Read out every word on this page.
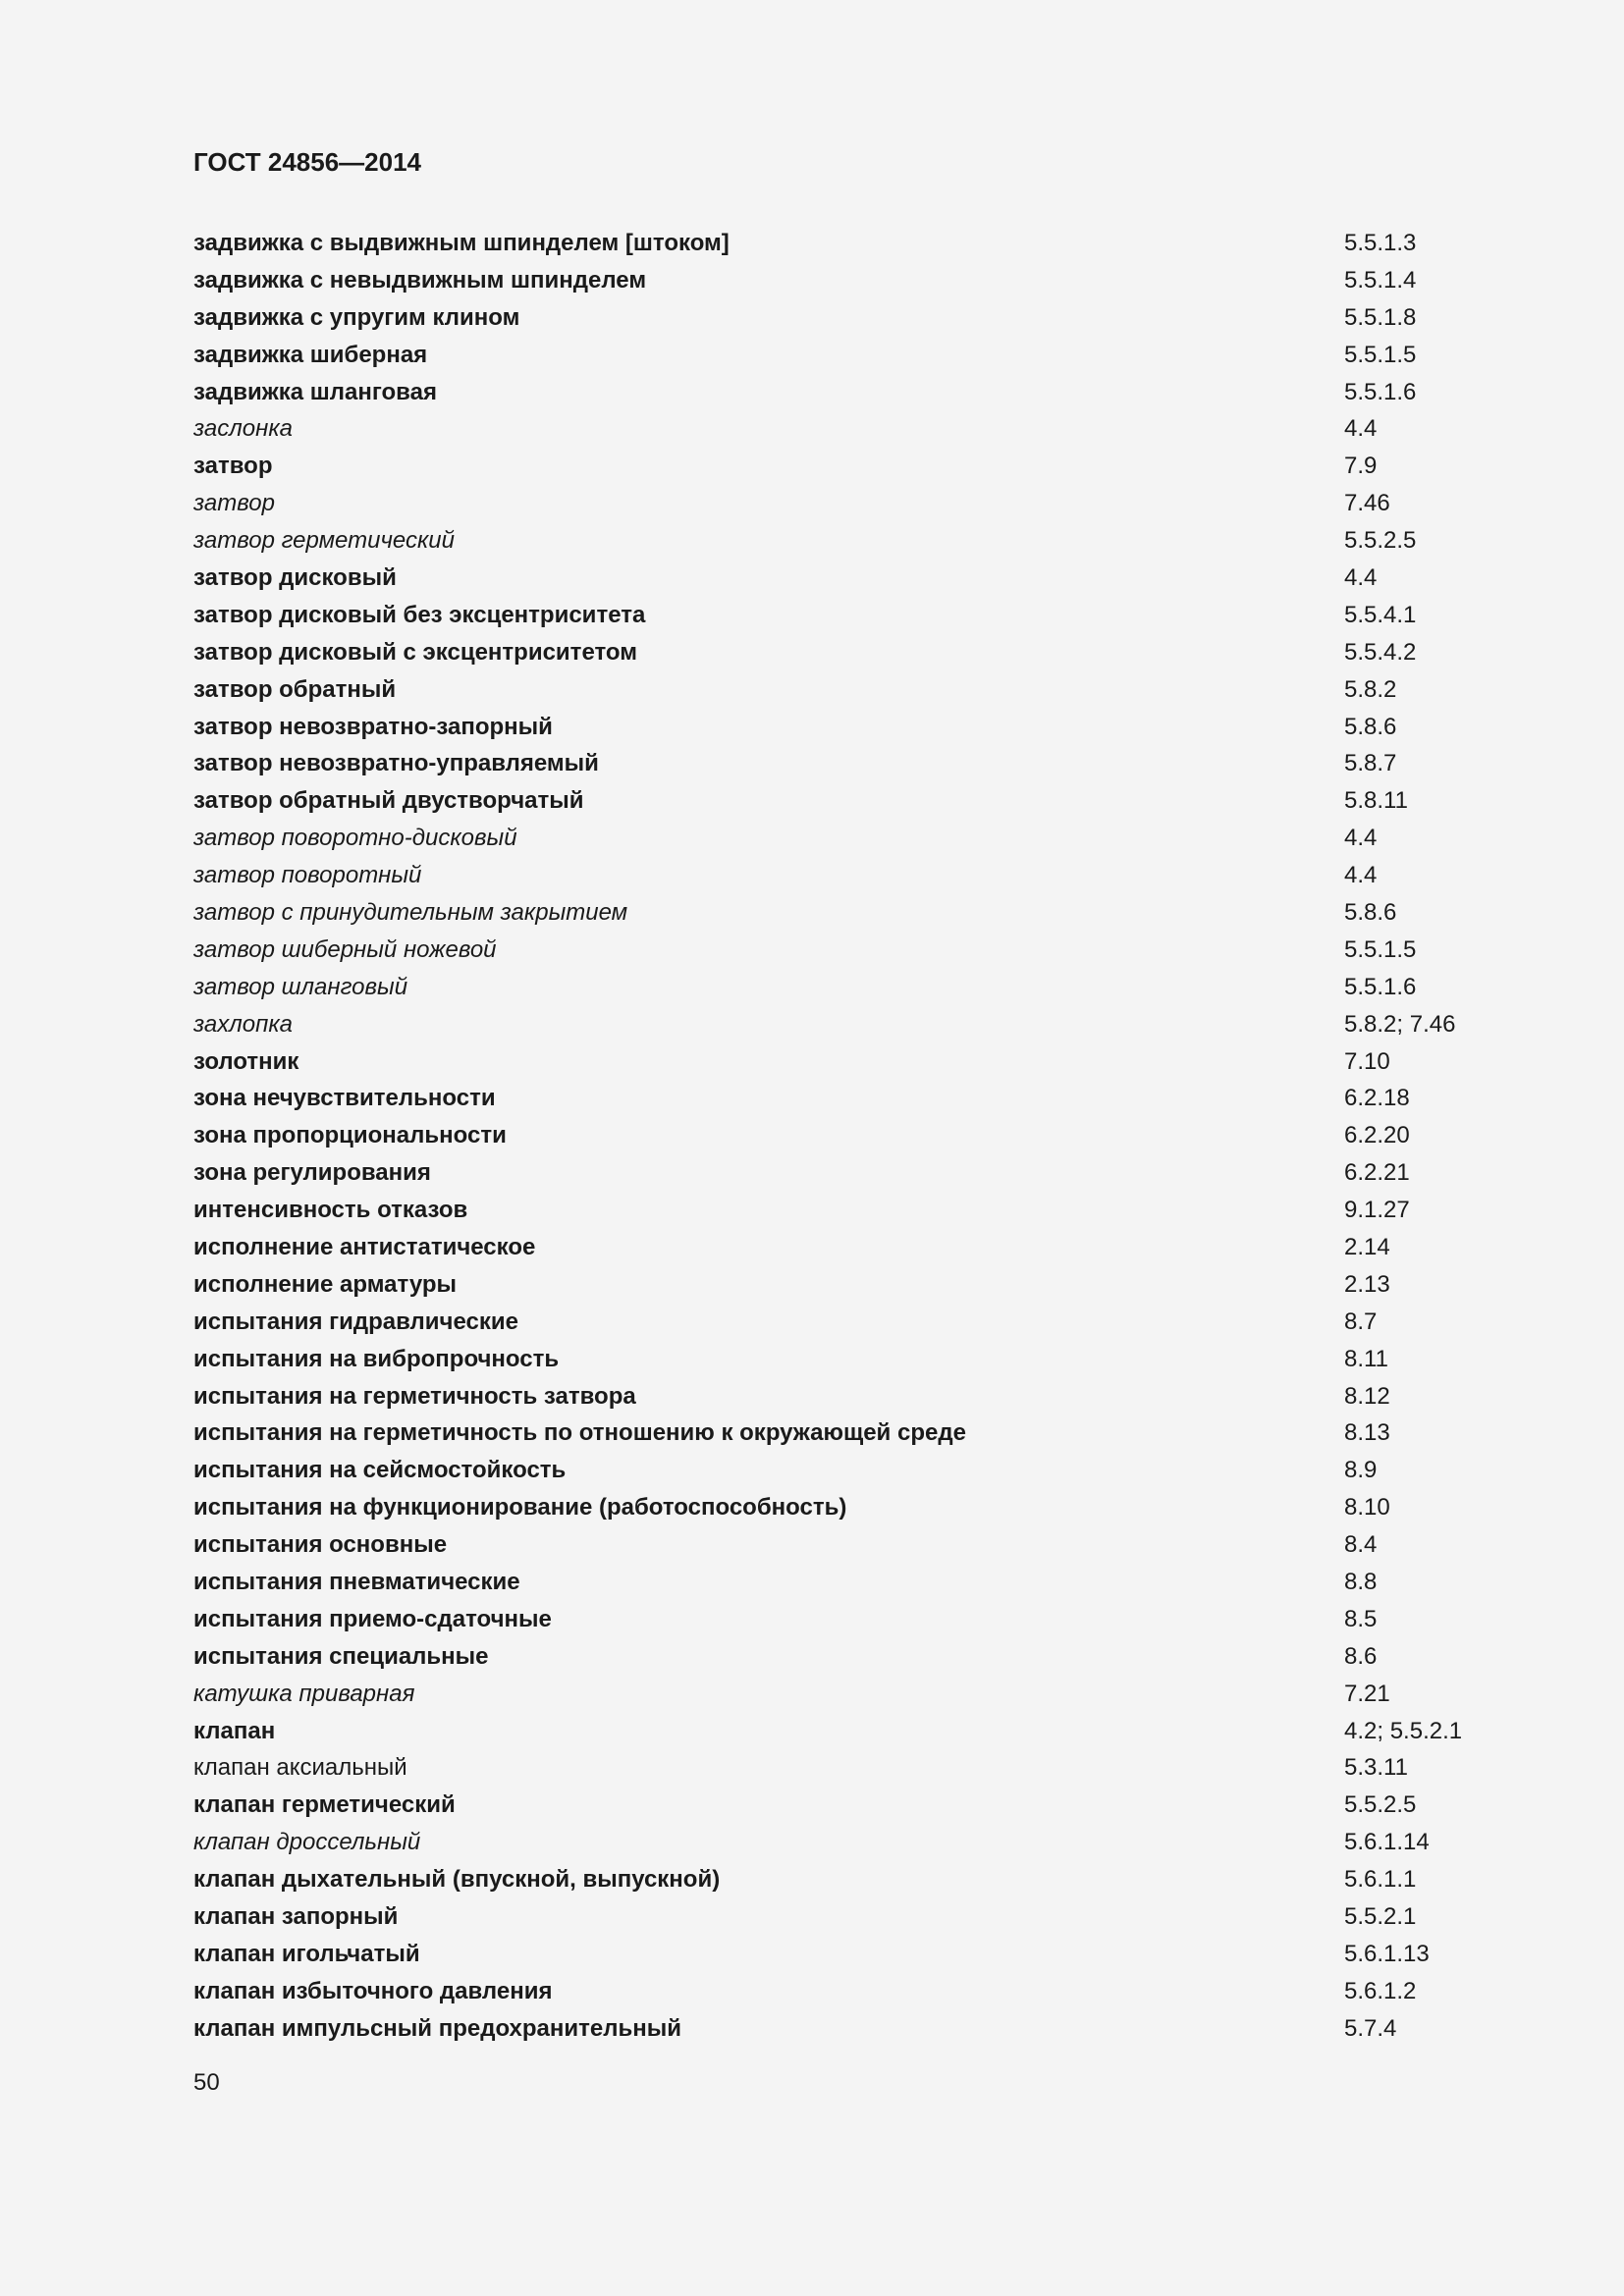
ГОСТ 24856—2014
задвижка с выдвижным шпинделем [штоком]	5.5.1.3
задвижка с невыдвижным шпинделем	5.5.1.4
задвижка с упругим клином	5.5.1.8
задвижка шиберная	5.5.1.5
задвижка шланговая	5.5.1.6
заслонка	4.4
затвор	7.9
затвор	7.46
затвор герметический	5.5.2.5
затвор дисковый	4.4
затвор дисковый без эксцентриситета	5.5.4.1
затвор дисковый с эксцентриситетом	5.5.4.2
затвор обратный	5.8.2
затвор невозвратно-запорный	5.8.6
затвор невозвратно-управляемый	5.8.7
затвор обратный двустворчатый	5.8.11
затвор поворотно-дисковый	4.4
затвор поворотный	4.4
затвор с принудительным закрытием	5.8.6
затвор шиберный ножевой	5.5.1.5
затвор шланговый	5.5.1.6
захлопка	5.8.2; 7.46
золотник	7.10
зона нечувствительности	6.2.18
зона пропорциональности	6.2.20
зона регулирования	6.2.21
интенсивность отказов	9.1.27
исполнение антистатическое	2.14
исполнение арматуры	2.13
испытания гидравлические	8.7
испытания на вибропрочность	8.11
испытания на герметичность затвора	8.12
испытания на герметичность по отношению к окружающей среде	8.13
испытания на сейсмостойкость	8.9
испытания на функционирование (работоспособность)	8.10
испытания основные	8.4
испытания пневматические	8.8
испытания приемо-сдаточные	8.5
испытания специальные	8.6
катушка приварная	7.21
клапан	4.2; 5.5.2.1
клапан аксиальный	5.3.11
клапан герметический	5.5.2.5
клапан дроссельный	5.6.1.14
клапан дыхательный (впускной, выпускной)	5.6.1.1
клапан запорный	5.5.2.1
клапан игольчатый	5.6.1.13
клапан избыточного давления	5.6.1.2
клапан импульсный предохранительный	5.7.4
50
